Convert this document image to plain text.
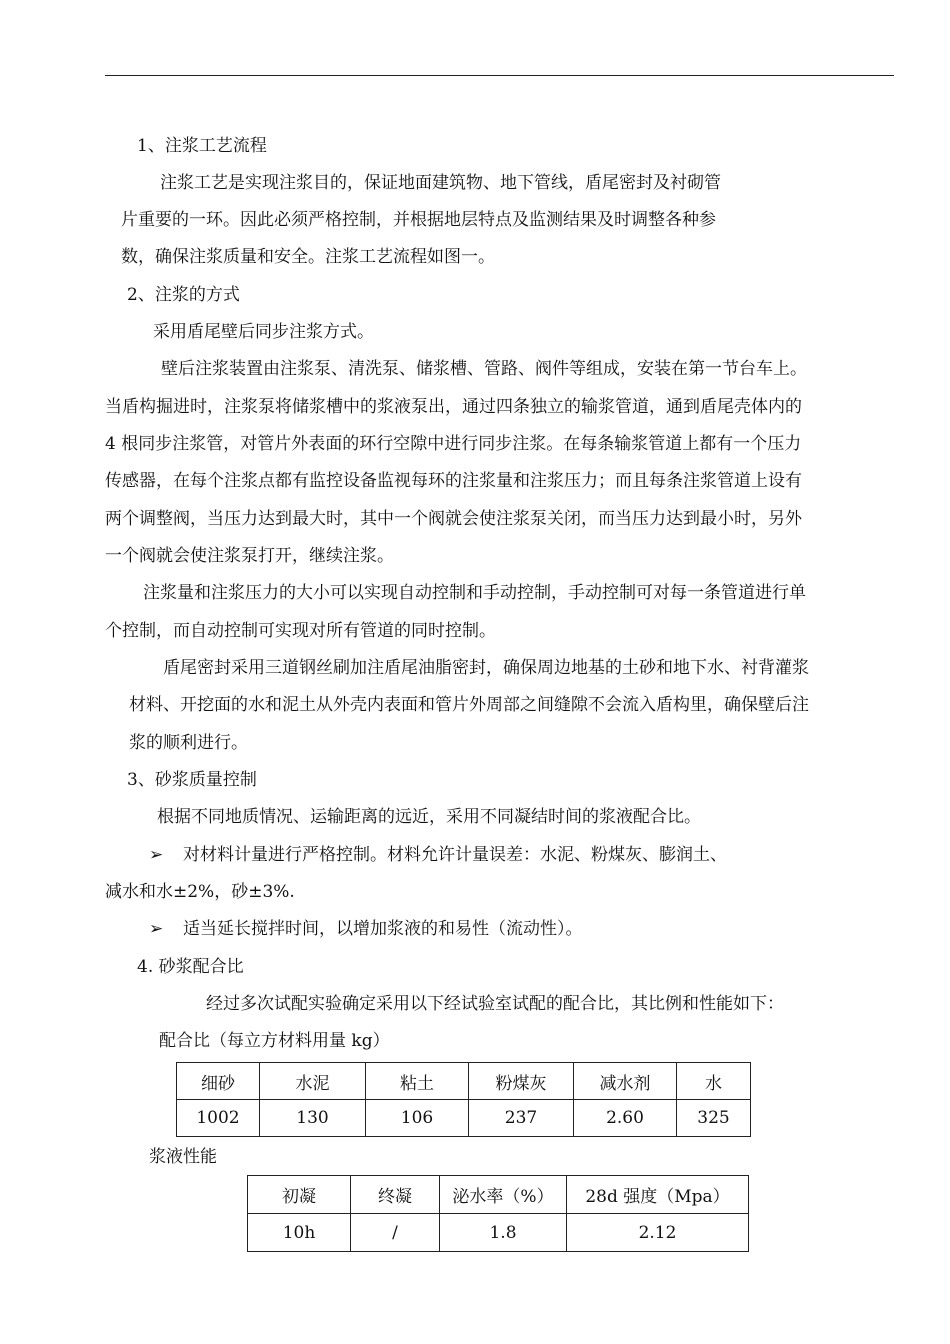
1、注浆工艺流程
注浆工艺是实现注浆目的，保证地面建筑物、地下管线，盾尾密封及衬砌管
片重要的一环。因此必须严格控制，并根据地层特点及监测结果及时调整各种参
数，确保注浆质量和安全。注浆工艺流程如图一。
2、注浆的方式
采用盾尾壁后同步注浆方式。
壁后注浆装置由注浆泵、清洗泵、储浆槽、管路、阀件等组成，安装在第一节台车上。
当盾构掘进时，注浆泵将储浆槽中的浆液泵出，通过四条独立的输浆管道，通到盾尾壳体内的
4 根同步注浆管，对管片外表面的环行空隙中进行同步注浆。在每条输浆管道上都有一个压力
传感器，在每个注浆点都有监控设备监视每环的注浆量和注浆压力；而且每条注浆管道上设有
两个调整阀，当压力达到最大时，其中一个阀就会使注浆泵关闭，而当压力达到最小时，另外
一个阀就会使注浆泵打开，继续注浆。
注浆量和注浆压力的大小可以实现自动控制和手动控制，手动控制可对每一条管道进行单
个控制，而自动控制可实现对所有管道的同时控制。
盾尾密封采用三道钢丝刷加注盾尾油脂密封，确保周边地基的土砂和地下水、衬背灌浆
材料、开挖面的水和泥土从外壳内表面和管片外周部之间缝隙不会流入盾构里，确保壁后注
浆的顺利进行。
3、砂浆质量控制
根据不同地质情况、运输距离的远近，采用不同凝结时间的浆液配合比。
➢ 对材料计量进行严格控制。材料允许计量误差：水泥、粉煤灰、膨润土、
减水和水±2%，砂±3%.
➢ 适当延长搅拌时间，以增加浆液的和易性（流动性）。
4. 砂浆配合比
经过多次试配实验确定采用以下经试验室试配的配合比，其比例和性能如下：
配合比（每立方材料用量 kg）
细砂	水泥	粘土	粉煤灰	减水剂	水
1002	130	106	237	2.60	325
浆液性能
初凝	终凝	泌水率（%）	28d 强度（Mpa）
10h	/	1.8	2.12
